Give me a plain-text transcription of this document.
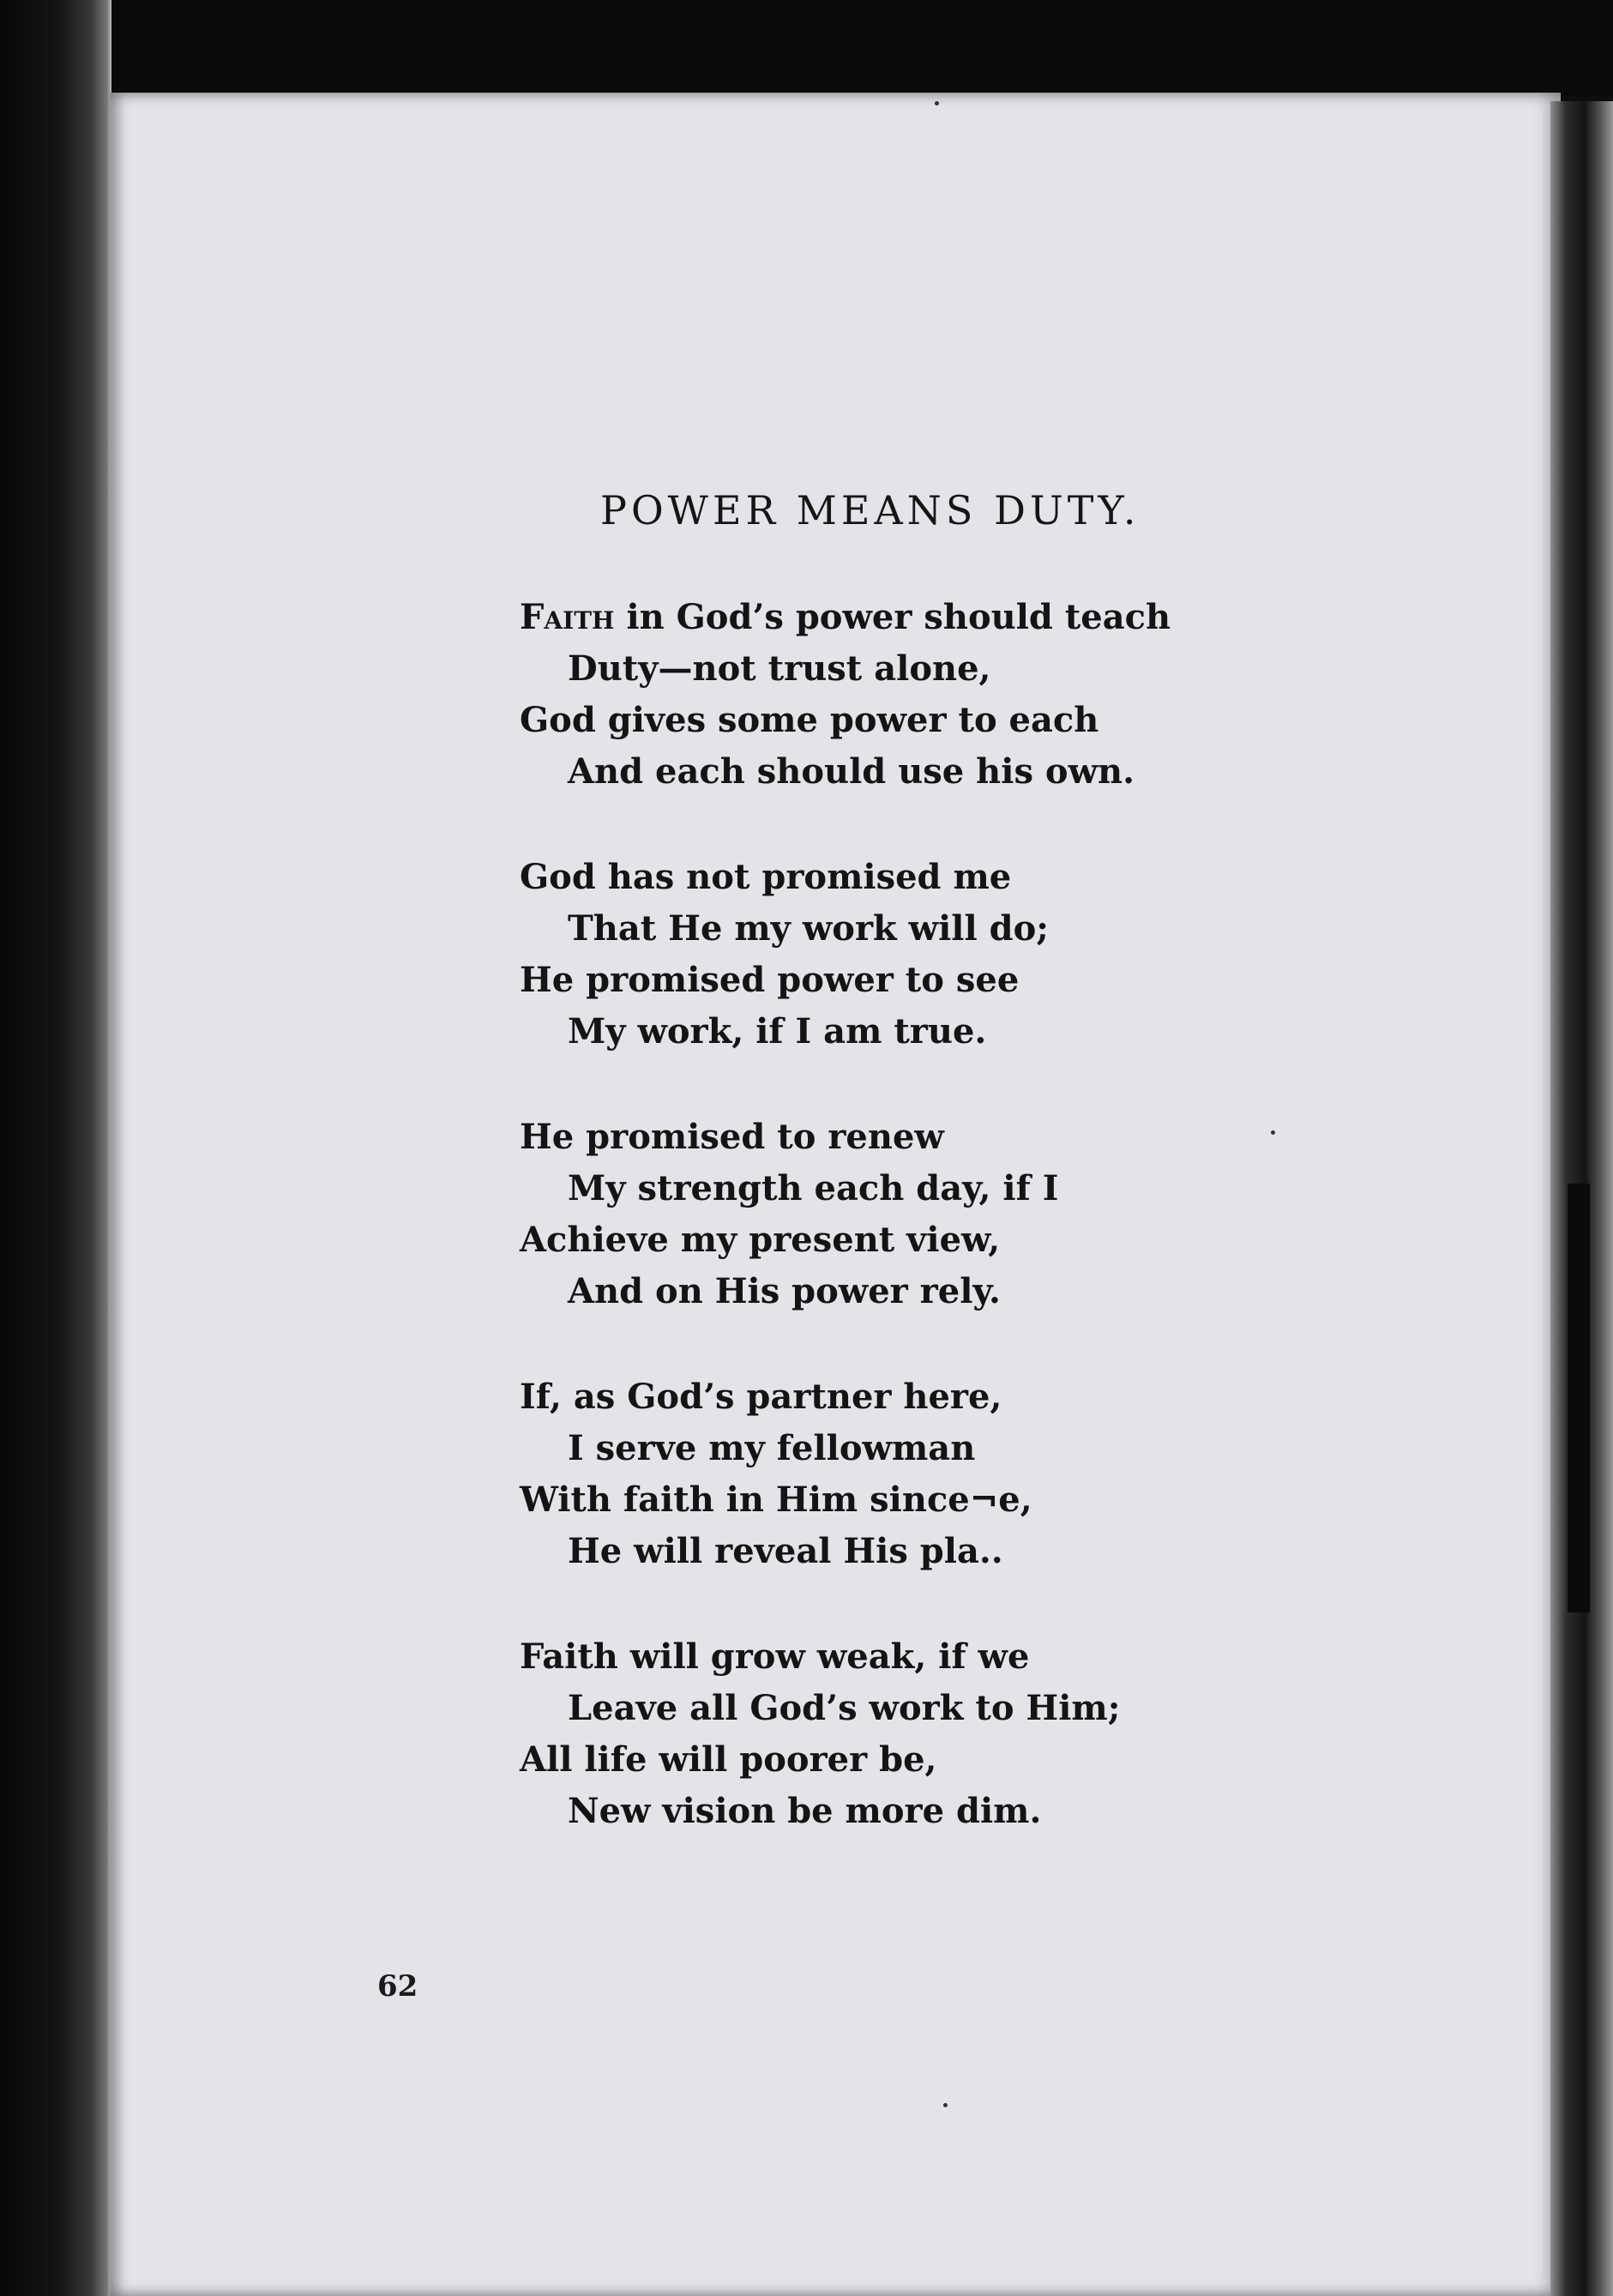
POWER MEANS DUTY.
Faith in God’s power should teach
Duty—not trust alone,
God gives some power to each
And each should use his own.
God has not promised me
That He my work will do;
He promised power to see
My work, if I am true.
He promised to renew
My strength each day, if I
Achieve my present view,
And on His power rely.
If, as God’s partner here,
I serve my fellowman
With faith in Him since¬e,
He will reveal His pla..
Faith will grow weak, if we
Leave all God’s work to Him;
All life will poorer be,
New vision be more dim.
62
